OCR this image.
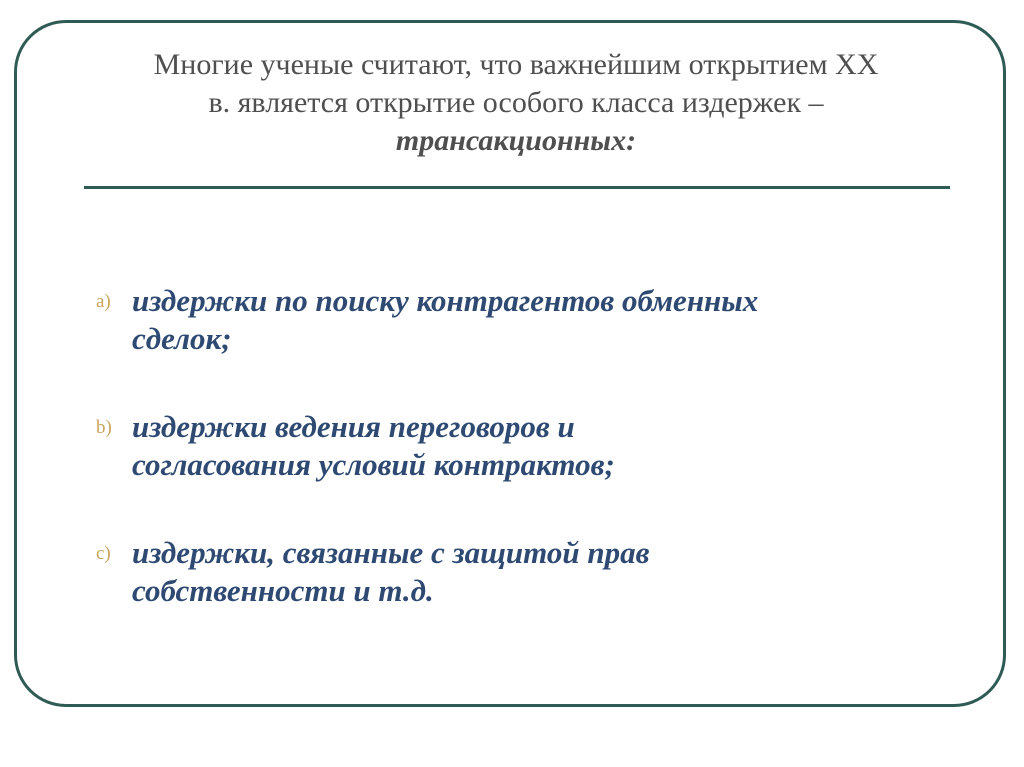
Многие ученые считают, что важнейшим открытием XX
в. является открытие особого класса издержек –
трансакционных:
a) издержки по поиску контрагентов обменных
сделок;
b) издержки ведения переговоров и
согласования условий контрактов;
c) издержки, связанные с защитой прав
собственности и т.д.
